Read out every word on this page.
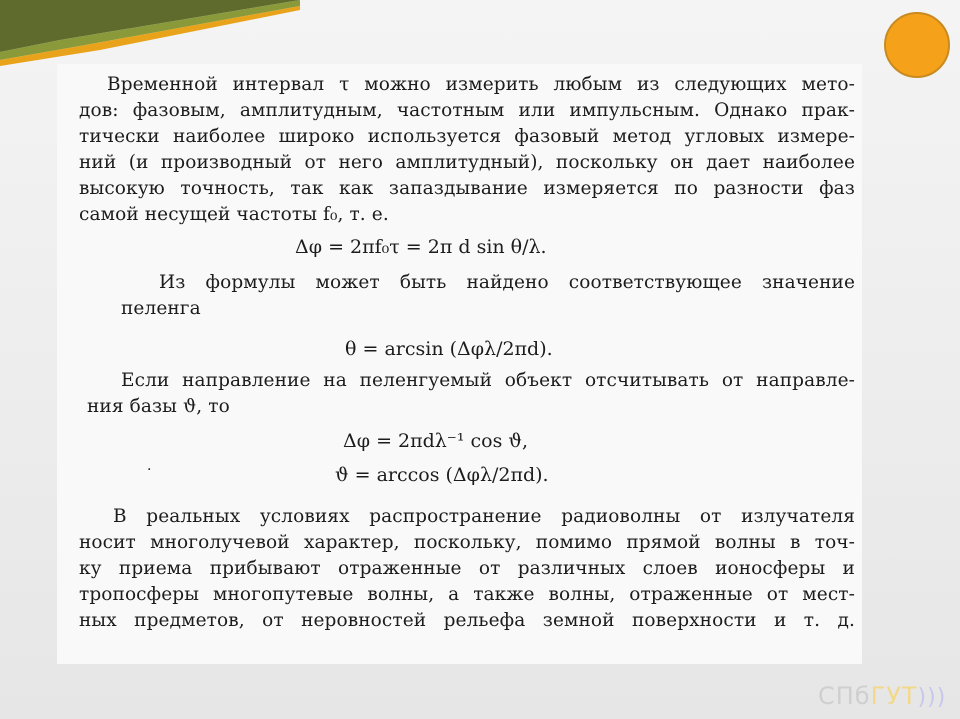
Временной интервал τ можно измерить любым из следующих мето-
дов: фазовым, амплитудным, частотным или импульсным. Однако прак-
тически наиболее широко используется фазовый метод угловых измере-
ний (и производный от него амплитудный), поскольку он дает наиболее
высокую точность, так как запаздывание измеряется по разности фаз
самой несущей частоты f₀, т. е.
Δφ = 2πf₀τ = 2π d sin θ/λ.
Из формулы может быть найдено соответствующее значение
пеленга
θ = arcsin (Δφλ/2πd).
Если направление на пеленгуемый объект отсчитывать от направле-
ния базы ϑ, то
Δφ = 2πdλ⁻¹ cos ϑ,
·	ϑ = arccos (Δφλ/2πd).
В реальных условиях распространение радиоволны от излучателя
носит многолучевой характер, поскольку, помимо прямой волны в точ-
ку приема прибывают отраженные от различных слоев ионосферы и
тропосферы многопутевые волны, а также волны, отраженные от мест-
ных предметов, от неровностей рельефа земной поверхности и т. д.
СПбГУТ)))
